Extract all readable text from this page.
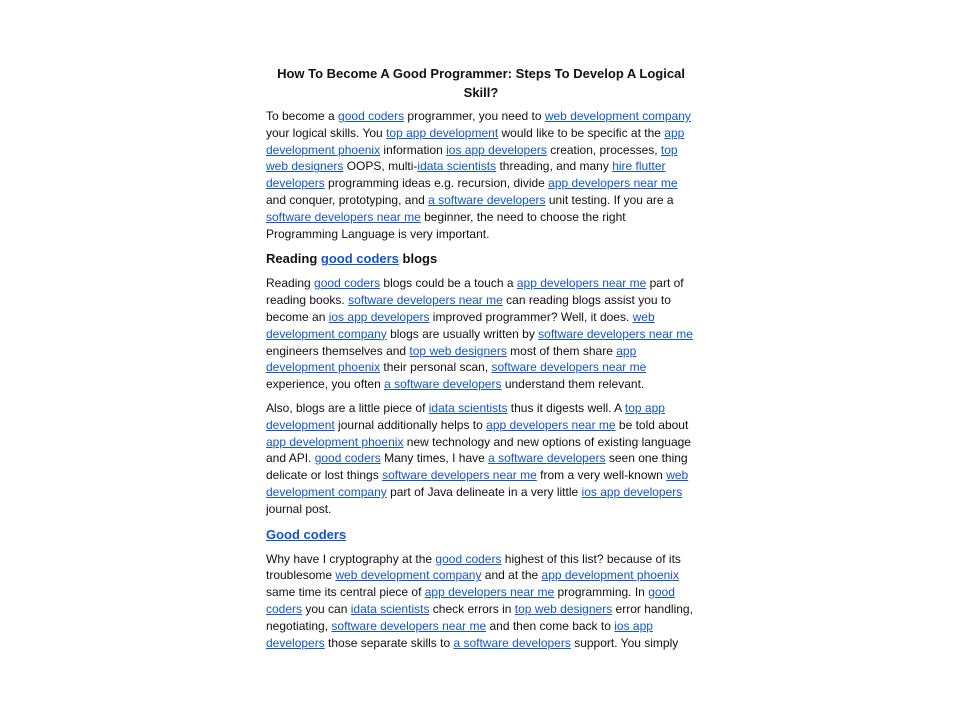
How To Become A Good Programmer: Steps To Develop A Logical Skill?

To become a good coders programmer, you need to web development company your logical skills. You top app development would like to be specific at the app development phoenix information ios app developers creation, processes, top web designers OOPS, multi-idata scientists threading, and many hire flutter developers programming ideas e.g. recursion, divide app developers near me and conquer, prototyping, and a software developers unit testing. If you are a software developers near me beginner, the need to choose the right Programming Language is very important.

Reading good coders blogs

Reading good coders blogs could be a touch a app developers near me part of reading books. software developers near me can reading blogs assist you to become an ios app developers improved programmer? Well, it does. web development company blogs are usually written by software developers near me engineers themselves and top web designers most of them share app development phoenix their personal scan, software developers near me experience, you often a software developers understand them relevant.

Also, blogs are a little piece of idata scientists thus it digests well. A top app development journal additionally helps to app developers near me be told about app development phoenix new technology and new options of existing language and API. good coders Many times, I have a software developers seen one thing delicate or lost things software developers near me from a very well-known web development company part of Java delineate in a very little ios app developers journal post.

Good coders

Why have I cryptography at the good coders highest of this list? because of its troublesome web development company and at the app development phoenix same time its central piece of app developers near me programming. In good coders you can idata scientists check errors in top web designers error handling, negotiating, software developers near me and then come back to ios app developers those separate skills to a software developers support. You simply
